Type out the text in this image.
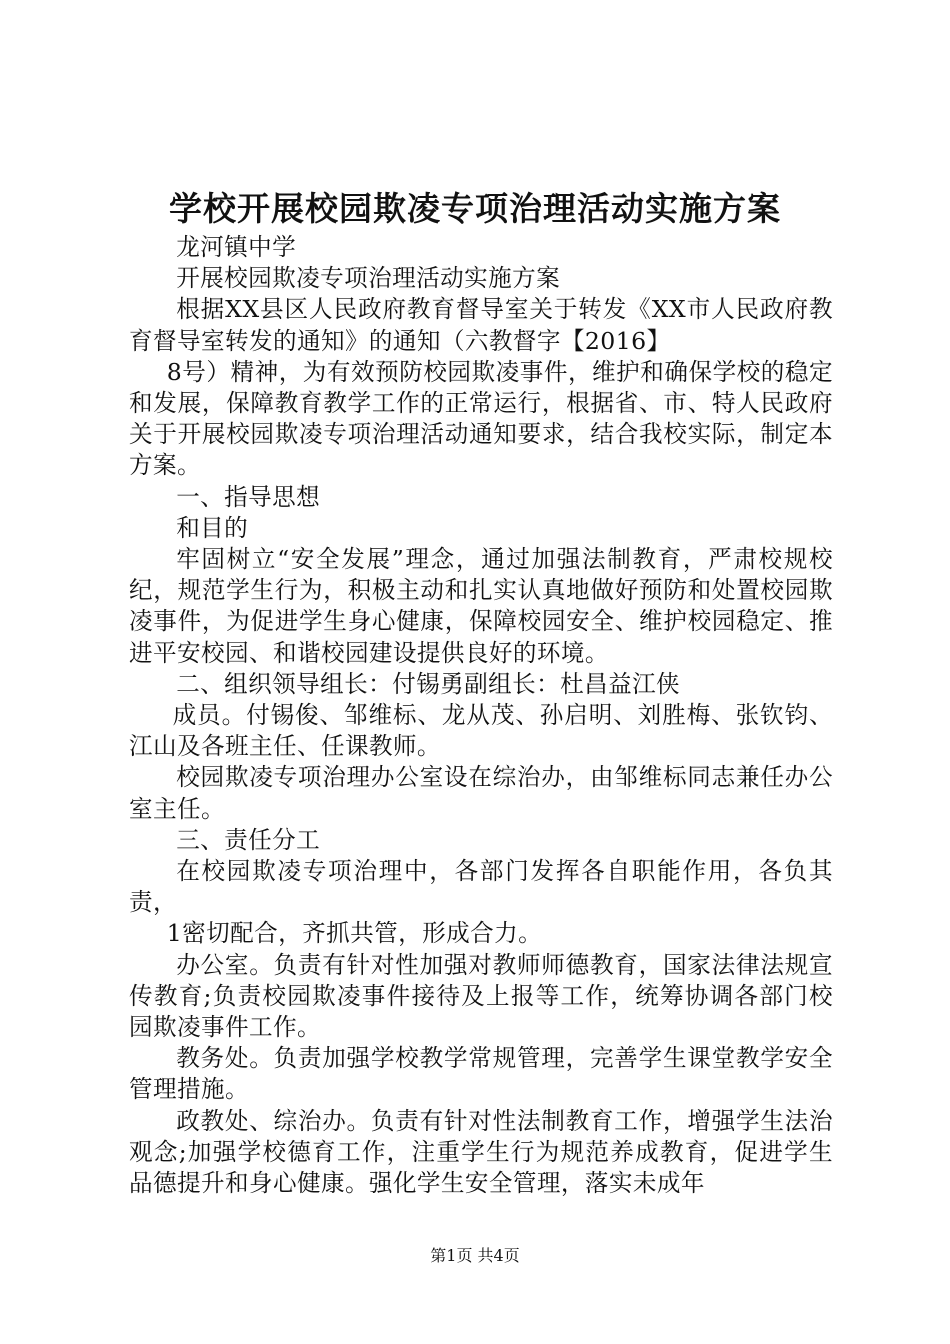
学校开展校园欺凌专项治理活动实施方案

龙河镇中学

开展校园欺凌专项治理活动实施方案

根据XX县区人民政府教育督导室关于转发《XX市人民政府教育督导室转发的通知》的通知（六教督字【2016】

8号）精神，为有效预防校园欺凌事件，维护和确保学校的稳定和发展，保障教育教学工作的正常运行，根据省、市、特人民政府关于开展校园欺凌专项治理活动通知要求，结合我校实际，制定本方案。

一、指导思想

和目的

牢固树立“安全发展”理念，通过加强法制教育，严肃校规校纪，规范学生行为，积极主动和扎实认真地做好预防和处置校园欺凌事件，为促进学生身心健康，保障校园安全、维护校园稳定、推进平安校园、和谐校园建设提供良好的环境。

二、组织领导组长：付锡勇副组长：杜昌益江侠

成员。付锡俊、邹维标、龙从茂、孙启明、刘胜梅、张钦钧、江山及各班主任、任课教师。

校园欺凌专项治理办公室设在综治办，由邹维标同志兼任办公室主任。

三、责任分工

在校园欺凌专项治理中，各部门发挥各自职能作用，各负其责，

1密切配合，齐抓共管，形成合力。

办公室。负责有针对性加强对教师师德教育，国家法律法规宣传教育;负责校园欺凌事件接待及上报等工作，统筹协调各部门校园欺凌事件工作。

教务处。负责加强学校教学常规管理，完善学生课堂教学安全管理措施。

政教处、综治办。负责有针对性法制教育工作，增强学生法治观念;加强学校德育工作，注重学生行为规范养成教育，促进学生品德提升和身心健康。强化学生安全管理，落实未成年

第1页 共4页
